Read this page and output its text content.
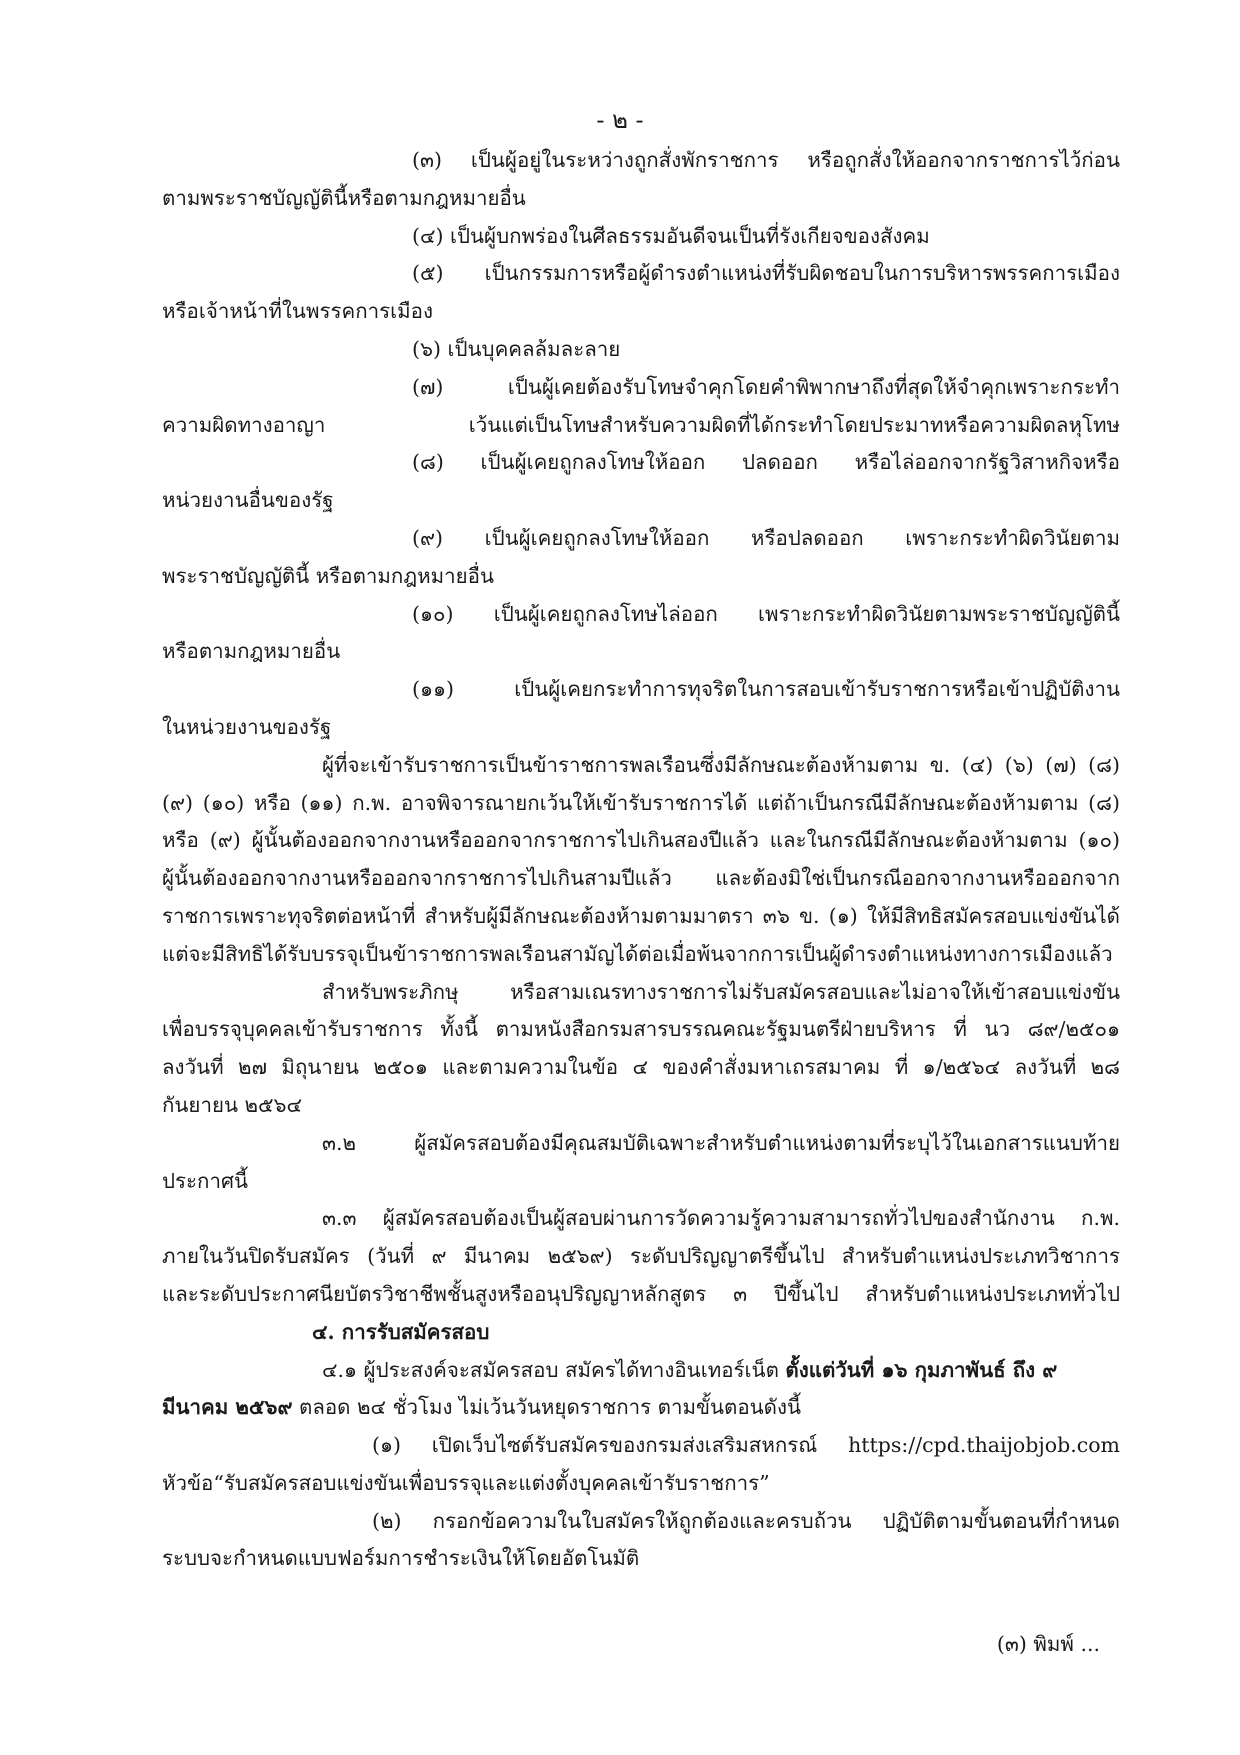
- ๒ -
(๓) เป็นผู้อยู่ในระหว่างถูกสั่งพักราชการ หรือถูกสั่งให้ออกจากราชการไว้ก่อน
ตามพระราชบัญญัตินี้หรือตามกฎหมายอื่น
(๔) เป็นผู้บกพร่องในศีลธรรมอันดีจนเป็นที่รังเกียจของสังคม
(๕) เป็นกรรมการหรือผู้ดำรงตำแหน่งที่รับผิดชอบในการบริหารพรรคการเมือง
หรือเจ้าหน้าที่ในพรรคการเมือง
(๖) เป็นบุคคลล้มละลาย
(๗) เป็นผู้เคยต้องรับโทษจำคุกโดยคำพิพากษาถึงที่สุดให้จำคุกเพราะกระทำ
ความผิดทางอาญา เว้นแต่เป็นโทษสำหรับความผิดที่ได้กระทำโดยประมาทหรือความผิดลหุโทษ
(๘) เป็นผู้เคยถูกลงโทษให้ออก ปลดออก หรือไล่ออกจากรัฐวิสาหกิจหรือ
หน่วยงานอื่นของรัฐ
(๙) เป็นผู้เคยถูกลงโทษให้ออก หรือปลดออก เพราะกระทำผิดวินัยตาม
พระราชบัญญัตินี้ หรือตามกฎหมายอื่น
(๑๐) เป็นผู้เคยถูกลงโทษไล่ออก เพราะกระทำผิดวินัยตามพระราชบัญญัตินี้
หรือตามกฎหมายอื่น
(๑๑) เป็นผู้เคยกระทำการทุจริตในการสอบเข้ารับราชการหรือเข้าปฏิบัติงาน
ในหน่วยงานของรัฐ
ผู้ที่จะเข้ารับราชการเป็นข้าราชการพลเรือนซึ่งมีลักษณะต้องห้ามตาม ข. (๔) (๖) (๗) (๘)
(๙) (๑๐) หรือ (๑๑) ก.พ. อาจพิจารณายกเว้นให้เข้ารับราชการได้ แต่ถ้าเป็นกรณีมีลักษณะต้องห้ามตาม (๘)
หรือ (๙) ผู้นั้นต้องออกจากงานหรือออกจากราชการไปเกินสองปีแล้ว และในกรณีมีลักษณะต้องห้ามตาม (๑๐)
ผู้นั้นต้องออกจากงานหรือออกจากราชการไปเกินสามปีแล้ว และต้องมิใช่เป็นกรณีออกจากงานหรือออกจาก
ราชการเพราะทุจริตต่อหน้าที่ สำหรับผู้มีลักษณะต้องห้ามตามมาตรา ๓๖ ข. (๑) ให้มีสิทธิสมัครสอบแข่งขันได้
แต่จะมีสิทธิได้รับบรรจุเป็นข้าราชการพลเรือนสามัญได้ต่อเมื่อพ้นจากการเป็นผู้ดำรงตำแหน่งทางการเมืองแล้ว
สำหรับพระภิกษุ หรือสามเณรทางราชการไม่รับสมัครสอบและไม่อาจให้เข้าสอบแข่งขัน
เพื่อบรรจุบุคคลเข้ารับราชการ ทั้งนี้ ตามหนังสือกรมสารบรรณคณะรัฐมนตรีฝ่ายบริหาร ที่ นว ๘๙/๒๕๐๑
ลงวันที่ ๒๗ มิถุนายน ๒๕๐๑ และตามความในข้อ ๔ ของคำสั่งมหาเถรสมาคม ที่ ๑/๒๕๖๔ ลงวันที่ ๒๘
กันยายน ๒๕๖๔
๓.๒ ผู้สมัครสอบต้องมีคุณสมบัติเฉพาะสำหรับตำแหน่งตามที่ระบุไว้ในเอกสารแนบท้าย
ประกาศนี้
๓.๓ ผู้สมัครสอบต้องเป็นผู้สอบผ่านการวัดความรู้ความสามารถทั่วไปของสำนักงาน ก.พ.
ภายในวันปิดรับสมัคร (วันที่ ๙ มีนาคม ๒๕๖๙) ระดับปริญญาตรีขึ้นไป สำหรับตำแหน่งประเภทวิชาการ
และระดับประกาศนียบัตรวิชาชีพชั้นสูงหรืออนุปริญญาหลักสูตร ๓ ปีขึ้นไป สำหรับตำแหน่งประเภททั่วไป
๔. การรับสมัครสอบ
๔.๑ ผู้ประสงค์จะสมัครสอบ สมัครได้ทางอินเทอร์เน็ต ตั้งแต่วันที่ ๑๖ กุมภาพันธ์ ถึง ๙
มีนาคม ๒๕๖๙ ตลอด ๒๔ ชั่วโมง ไม่เว้นวันหยุดราชการ ตามขั้นตอนดังนี้
(๑) เปิดเว็บไซต์รับสมัครของกรมส่งเสริมสหกรณ์ https://cpd.thaijobjob.com
หัวข้อ“รับสมัครสอบแข่งขันเพื่อบรรจุและแต่งตั้งบุคคลเข้ารับราชการ”
(๒) กรอกข้อความในใบสมัครให้ถูกต้องและครบถ้วน ปฏิบัติตามขั้นตอนที่กำหนด
ระบบจะกำหนดแบบฟอร์มการชำระเงินให้โดยอัตโนมัติ
(๓) พิมพ์ ...
